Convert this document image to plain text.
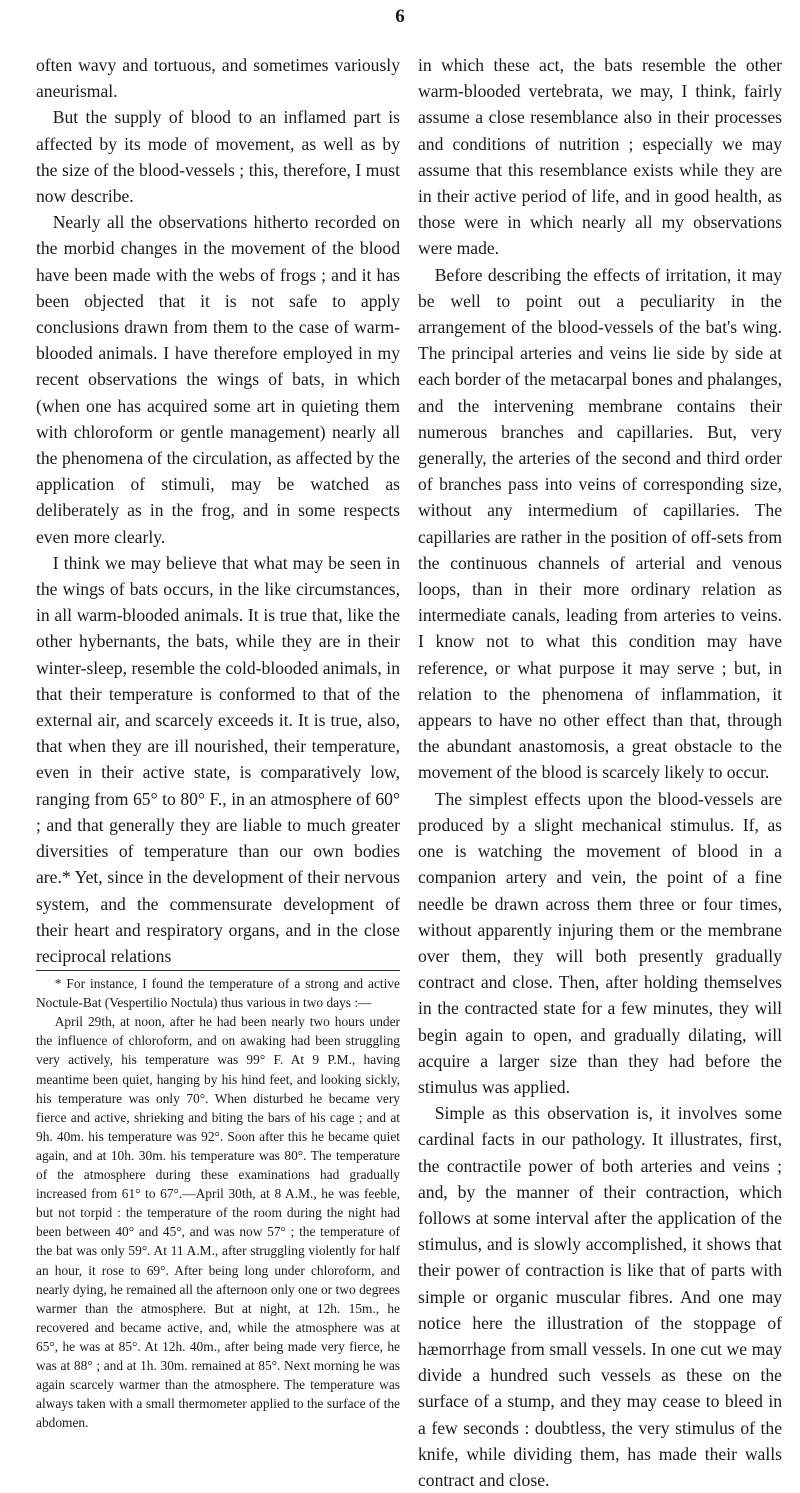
6

often wavy and tortuous, and sometimes variously aneurismal.

But the supply of blood to an inflamed part is affected by its mode of movement, as well as by the size of the blood-vessels ; this, therefore, I must now describe.

Nearly all the observations hitherto recorded on the morbid changes in the movement of the blood have been made with the webs of frogs ; and it has been objected that it is not safe to apply conclusions drawn from them to the case of warm-blooded animals. I have therefore employed in my recent observations the wings of bats, in which (when one has acquired some art in quieting them with chloroform or gentle management) nearly all the phenomena of the circulation, as affected by the application of stimuli, may be watched as deliberately as in the frog, and in some respects even more clearly.

I think we may believe that what may be seen in the wings of bats occurs, in the like circumstances, in all warm-blooded animals. It is true that, like the other hybernants, the bats, while they are in their winter-sleep, resemble the cold-blooded animals, in that their temperature is conformed to that of the external air, and scarcely exceeds it. It is true, also, that when they are ill nourished, their temperature, even in their active state, is comparatively low, ranging from 65° to 80° F., in an atmosphere of 60° ; and that generally they are liable to much greater diversities of temperature than our own bodies are.* Yet, since in the development of their nervous system, and the commensurate development of their heart and respiratory organs, and in the close reciprocal relations

* For instance, I found the temperature of a strong and active Noctule-Bat (Vespertilio Noctula) thus various in two days :—

April 29th, at noon, after he had been nearly two hours under the influence of chloroform, and on awaking had been struggling very actively, his temperature was 99° F. At 9 P.M., having meantime been quiet, hanging by his hind feet, and looking sickly, his temperature was only 70°. When disturbed he became very fierce and active, shrieking and biting the bars of his cage ; and at 9h. 40m. his temperature was 92°. Soon after this he became quiet again, and at 10h. 30m. his temperature was 80°. The temperature of the atmosphere during these examinations had gradually increased from 61° to 67°.—April 30th, at 8 A.M., he was feeble, but not torpid : the temperature of the room during the night had been between 40° and 45°, and was now 57° ; the temperature of the bat was only 59°. At 11 A.M., after struggling violently for half an hour, it rose to 69°. After being long under chloroform, and nearly dying, he remained all the afternoon only one or two degrees warmer than the atmosphere. But at night, at 12h. 15m., he recovered and became active, and, while the atmosphere was at 65°, he was at 85°. At 12h. 40m., after being made very fierce, he was at 88° ; and at 1h. 30m. remained at 85°. Next morning he was again scarcely warmer than the atmosphere. The temperature was always taken with a small thermometer applied to the surface of the abdomen.

in which these act, the bats resemble the other warm-blooded vertebrata, we may, I think, fairly assume a close resemblance also in their processes and conditions of nutrition ; especially we may assume that this resemblance exists while they are in their active period of life, and in good health, as those were in which nearly all my observations were made.

Before describing the effects of irritation, it may be well to point out a peculiarity in the arrangement of the blood-vessels of the bat's wing. The principal arteries and veins lie side by side at each border of the metacarpal bones and phalanges, and the intervening membrane contains their numerous branches and capillaries. But, very generally, the arteries of the second and third order of branches pass into veins of corresponding size, without any intermedium of capillaries. The capillaries are rather in the position of off-sets from the continuous channels of arterial and venous loops, than in their more ordinary relation as intermediate canals, leading from arteries to veins. I know not to what this condition may have reference, or what purpose it may serve ; but, in relation to the phenomena of inflammation, it appears to have no other effect than that, through the abundant anastomosis, a great obstacle to the movement of the blood is scarcely likely to occur.

The simplest effects upon the blood-vessels are produced by a slight mechanical stimulus. If, as one is watching the movement of blood in a companion artery and vein, the point of a fine needle be drawn across them three or four times, without apparently injuring them or the membrane over them, they will both presently gradually contract and close. Then, after holding themselves in the contracted state for a few minutes, they will begin again to open, and gradually dilating, will acquire a larger size than they had before the stimulus was applied.

Simple as this observation is, it involves some cardinal facts in our pathology. It illustrates, first, the contractile power of both arteries and veins ; and, by the manner of their contraction, which follows at some interval after the application of the stimulus, and is slowly accomplished, it shows that their power of contraction is like that of parts with simple or organic muscular fibres. And one may notice here the illustration of the stoppage of hæmorrhage from small vessels. In one cut we may divide a hundred such vessels as these on the surface of a stump, and they may cease to bleed in a few seconds : doubtless, the very stimulus of the knife, while dividing them, has made their walls contract and close.
